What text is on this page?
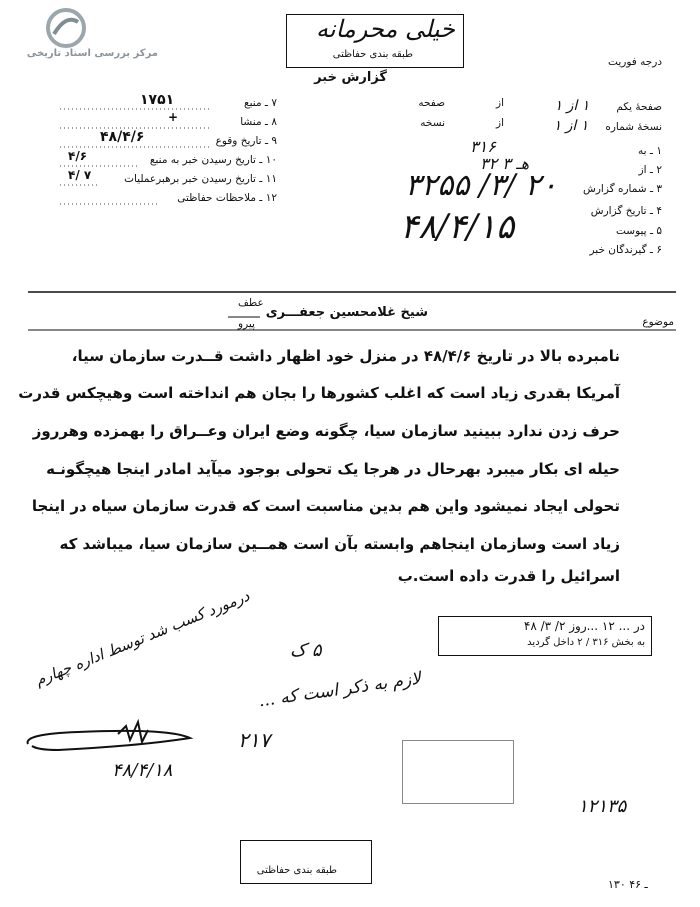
مرکز بررسی اسناد تاریخی
خیلی محرمانه
طبقه بندی حفاظتی
گزارش خبر
درجه فوریت
صفحهٔ یکم ۱ از ۱
از
صفحه
نسخهٔ شماره ۱ از ۱
از
نسخه
۱ ـ به
۳۱۶
۲ ـ از
۳۲ هـ ۳
۳ ـ شماره گزارش
۳۲۵۵ /۳/ ۲۰
۴ ـ تاریخ گزارش
۴۸/۴/۱۵	۵ ـ پیوست
۶ ـ گیرندگان خبر
۷ ـ منبع
۱۷۵۱
۸ ـ منشا
+
۹ ـ تاریخ وقوع
۴۸/۴/۶
۱۰ ـ تاریخ رسیدن خبر به منبع
۴/۶
۱۱ ـ تاریخ رسیدن خبر برهبرعملیات
۴/ ۷
۱۲ ـ ملاحظات حفاظتی
موضوع
شیخ غلامحسین جعفـــری
عطف
پیرو
نامبرده بالا در تاریخ ۴۸/۴/۶ در منزل خود اظهار داشت قــدرت سازمان سیا،
آمریکا بقدری زیاد است که اغلب کشورها را بجان هم انداخته است وهیچکس قدرت
حرف زدن ندارد ببینید سازمان سیا، چگونه وضع ایران وعــراق را بهمزده وهرروز
حیله ای بکار میبرد بهرحال در هرجا یک تحولی بوجود میآید امادر اینجا هیچگونـه
تحولی ایجاد نمیشود واین هم بدین مناسبت است که قدرت سازمان سیاه در اینجا
زیاد است وسازمان اینجاهم وابسته بآن است همــین سازمان سیا، میباشد که
اسرائیل را قدرت داده است.ب
در ... ۱۲ ...روز ۲/ ۳/ ۴۸
به بخش ۳۱۶ / ۲ داخل گردید
۵ ک
لازم به ذکر است که ...
درمورد کسب شد توسط اداره چهارم
۲۱۷
۴۸/۴/۱۸
۱۲۱۳۵
طبقه بندی حفاظتی
۱۳۰ ـ ۴۶
